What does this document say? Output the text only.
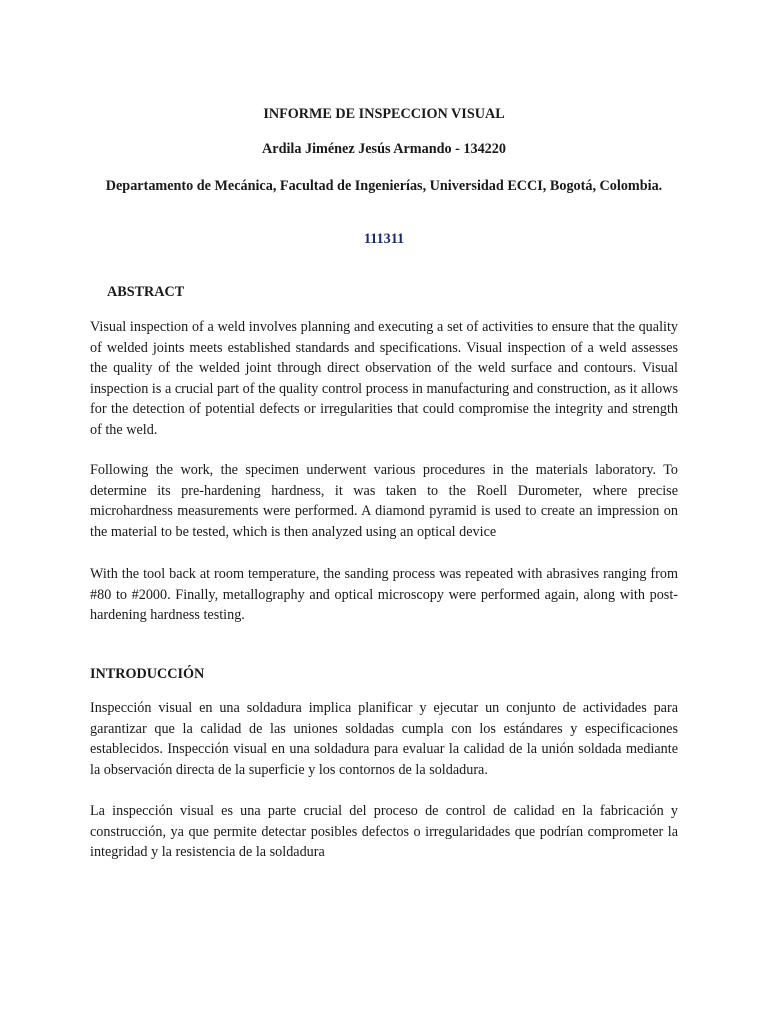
INFORME DE INSPECCION VISUAL
Ardila Jiménez Jesús Armando - 134220
Departamento de Mecánica, Facultad de Ingenierías, Universidad ECCI, Bogotá, Colombia.
111311
ABSTRACT

Visual inspection of a weld involves planning and executing a set of activities to ensure that the quality of welded joints meets established standards and specifications. Visual inspection of a weld assesses the quality of the welded joint through direct observation of the weld surface and contours. Visual inspection is a crucial part of the quality control process in manufacturing and construction, as it allows for the detection of potential defects or irregularities that could compromise the integrity and strength of the weld.

Following the work, the specimen underwent various procedures in the materials laboratory. To determine its pre-hardening hardness, it was taken to the Roell Durometer, where precise microhardness measurements were performed. A diamond pyramid is used to create an impression on the material to be tested, which is then analyzed using an optical device

With the tool back at room temperature, the sanding process was repeated with abrasives ranging from #80 to #2000. Finally, metallography and optical microscopy were performed again, along with post-hardening hardness testing.

INTRODUCCIÓN

Inspección visual en una soldadura implica planificar y ejecutar un conjunto de actividades para garantizar que la calidad de las uniones soldadas cumpla con los estándares y especificaciones establecidos. Inspección visual en una soldadura para evaluar la calidad de la unión soldada mediante la observación directa de la superficie y los contornos de la soldadura.

La inspección visual es una parte crucial del proceso de control de calidad en la fabricación y construcción, ya que permite detectar posibles defectos o irregularidades que podrían comprometer la integridad y la resistencia de la soldadura
